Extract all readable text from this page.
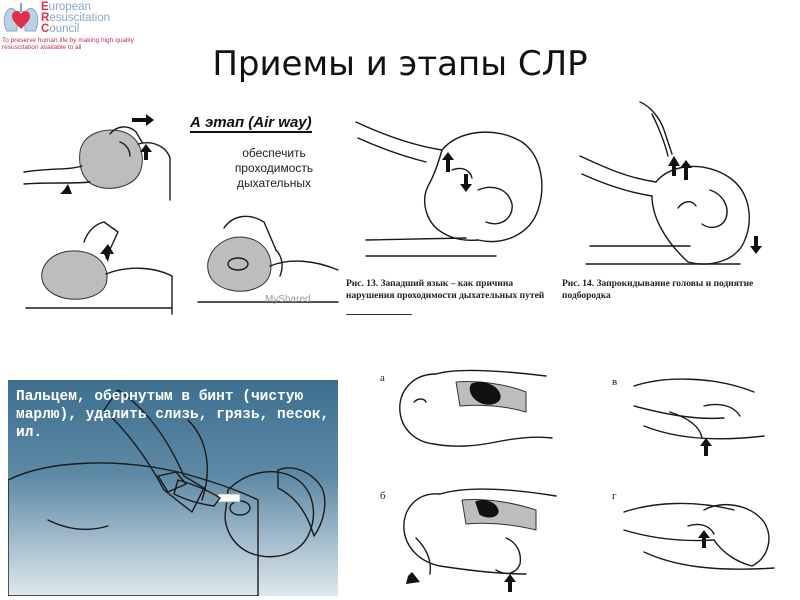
European
Resuscitation
Council
To preserve human life by making high quality resuscitation available to all	Приемы и этапы СЛР
А этап (Air way)
обеспечить проходимость дыхательных
MyShared
Рис. 13. Западший язык – как причина нарушения проходимости дыхательных путей
Рис. 14. Запрокидывание головы и поднятие подбородка
Пальцем, обернутым в бинт (чистую марлю), удалить слизь, грязь, песок, ил.
а	в
б	г
